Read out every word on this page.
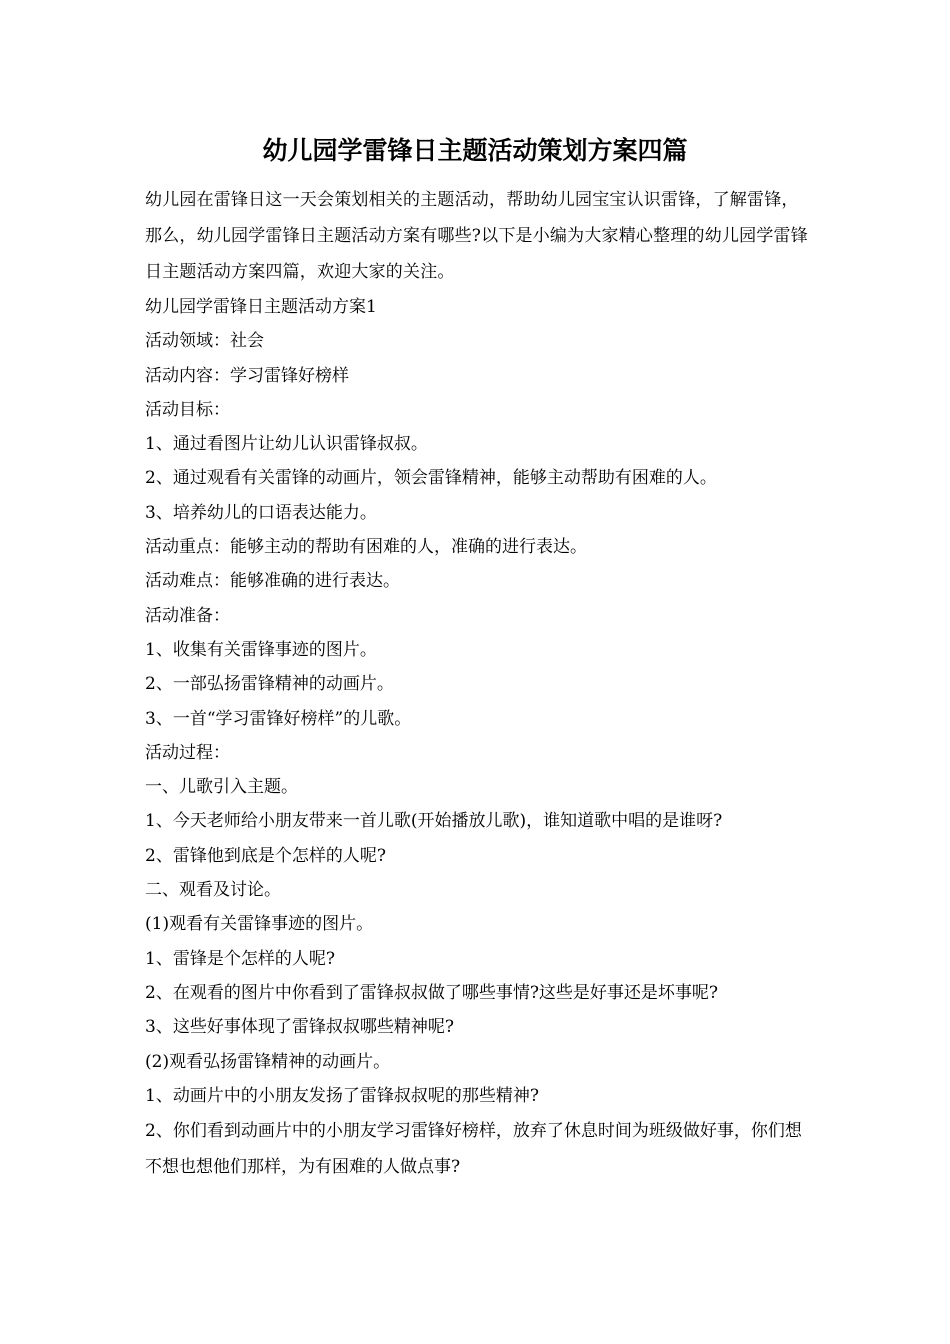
幼儿园学雷锋日主题活动策划方案四篇

幼儿园在雷锋日这一天会策划相关的主题活动，帮助幼儿园宝宝认识雷锋，了解雷锋，那么，幼儿园学雷锋日主题活动方案有哪些?以下是小编为大家精心整理的幼儿园学雷锋日主题活动方案四篇，欢迎大家的关注。

幼儿园学雷锋日主题活动方案1

活动领域：社会

活动内容：学习雷锋好榜样

活动目标：

1、通过看图片让幼儿认识雷锋叔叔。

2、通过观看有关雷锋的动画片，领会雷锋精神，能够主动帮助有困难的人。

3、培养幼儿的口语表达能力。

活动重点：能够主动的帮助有困难的人，准确的进行表达。

活动难点：能够准确的进行表达。

活动准备：

1、收集有关雷锋事迹的图片。

2、一部弘扬雷锋精神的动画片。

3、一首“学习雷锋好榜样”的儿歌。

活动过程：

一、儿歌引入主题。

1、今天老师给小朋友带来一首儿歌(开始播放儿歌)，谁知道歌中唱的是谁呀?

2、雷锋他到底是个怎样的人呢?

二、观看及讨论。

(1)观看有关雷锋事迹的图片。

1、雷锋是个怎样的人呢?

2、在观看的图片中你看到了雷锋叔叔做了哪些事情?这些是好事还是坏事呢?

3、这些好事体现了雷锋叔叔哪些精神呢?

(2)观看弘扬雷锋精神的动画片。

1、动画片中的小朋友发扬了雷锋叔叔呢的那些精神?

2、你们看到动画片中的小朋友学习雷锋好榜样，放弃了休息时间为班级做好事，你们想不想也想他们那样，为有困难的人做点事?
